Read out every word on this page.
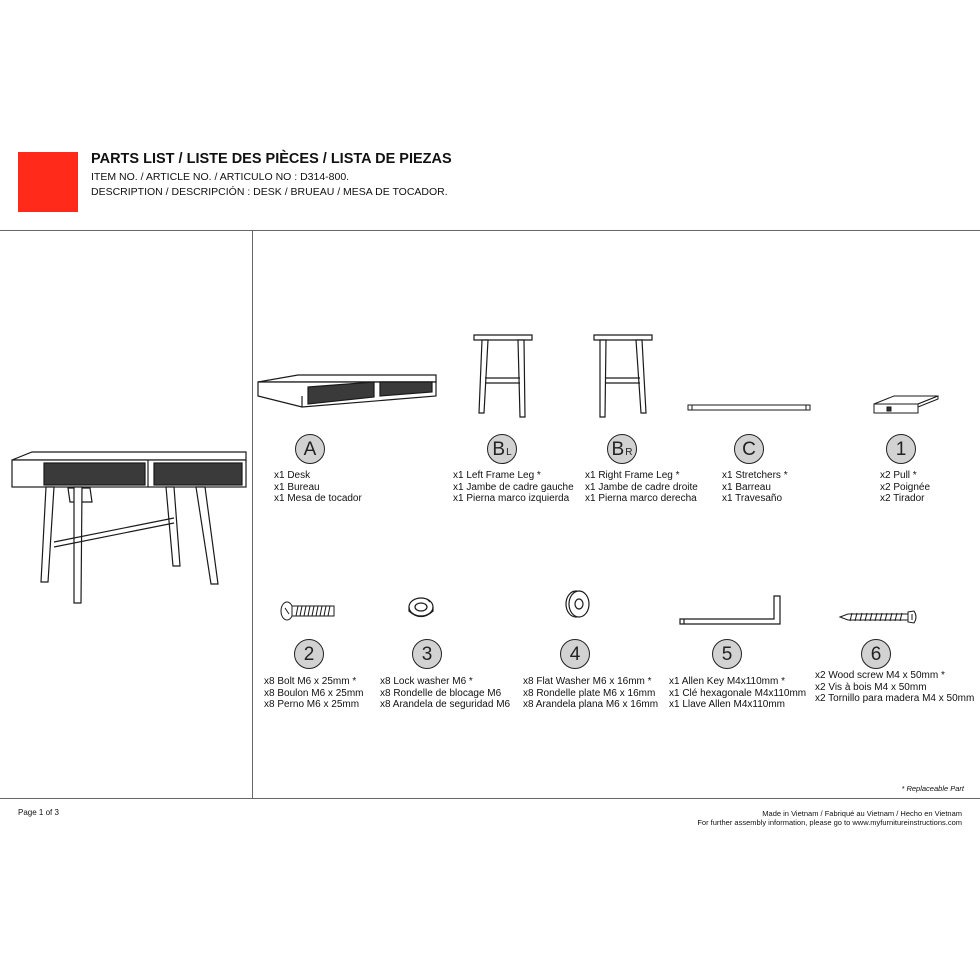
PARTS LIST / LISTE DES PIÈCES / LISTA DE PIEZAS
ITEM NO. / ARTICLE NO. / ARTICULO NO : D314-800.
DESCRIPTION / DESCRIPCIÓN : DESK / BRUEAU / MESA DE TOCADOR.
A
x1 Desk
x1 Bureau
x1 Mesa de tocador
B L
x1 Left Frame Leg *
x1 Jambe de cadre gauche
x1 Pierna marco izquierda
B R
x1 Right Frame Leg *
x1 Jambe de cadre droite
x1 Pierna marco derecha
C
x1 Stretchers *
x1 Barreau
x1 Travesaño
1
x2 Pull *
x2 Poignée
x2 Tirador
2
x8 Bolt M6 x 25mm *
x8 Boulon M6 x 25mm
x8 Perno M6 x 25mm
3
x8 Lock washer M6 *
x8 Rondelle de blocage M6
x8 Arandela de seguridad M6
4
x8 Flat Washer M6 x 16mm *
x8 Rondelle plate M6 x 16mm
x8 Arandela plana M6 x 16mm
5
x1 Allen Key M4x110mm *
x1 Clé hexagonale M4x110mm
x1 Llave Allen M4x110mm
6
x2 Wood screw M4 x 50mm *
x2 Vis à bois M4 x 50mm
x2 Tornillo para madera M4 x 50mm
* Replaceable Part
Page 1 of 3	Made in Vietnam / Fabriqué au Vietnam / Hecho en Vietnam
For further assembly information, please go to www.myfurnitureinstructions.com
